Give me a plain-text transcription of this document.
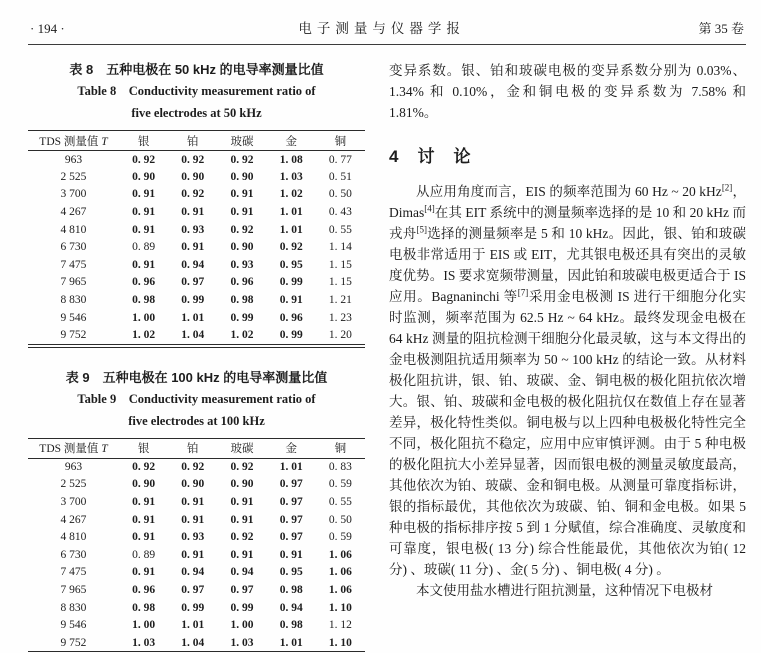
· 194 ·	电子测量与仪器学报	第 35 卷
表 8　五种电极在 50 kHz 的电导率测量比值
Table 8　Conductivity measurement ratio of
five electrodes at 50 kHz
TDS 测量值 T	银	铂	玻碳	金	铜
963	0. 92	0. 92	0. 92	1. 08	0. 77
2 525	0. 90	0. 90	0. 90	1. 03	0. 51
3 700	0. 91	0. 92	0. 91	1. 02	0. 50
4 267	0. 91	0. 91	0. 91	1. 01	0. 43
4 810	0. 91	0. 93	0. 92	1. 01	0. 55
6 730	0. 89	0. 91	0. 90	0. 92	1. 14
7 475	0. 91	0. 94	0. 93	0. 95	1. 15
7 965	0. 96	0. 97	0. 96	0. 99	1. 15
8 830	0. 98	0. 99	0. 98	0. 91	1. 21
9 546	1. 00	1. 01	0. 99	0. 96	1. 23
9 752	1. 02	1. 04	1. 02	0. 99	1. 20
表 9　五种电极在 100 kHz 的电导率测量比值
Table 9　Conductivity measurement ratio of
five electrodes at 100 kHz
TDS 测量值 T	银	铂	玻碳	金	铜
963	0. 92	0. 92	0. 92	1. 01	0. 83
2 525	0. 90	0. 90	0. 90	0. 97	0. 59
3 700	0. 91	0. 91	0. 91	0. 97	0. 55
4 267	0. 91	0. 91	0. 91	0. 97	0. 50
4 810	0. 91	0. 93	0. 92	0. 97	0. 59
6 730	0. 89	0. 91	0. 91	0. 91	1. 06
7 475	0. 91	0. 94	0. 94	0. 95	1. 06
7 965	0. 96	0. 97	0. 97	0. 98	1. 06
8 830	0. 98	0. 99	0. 99	0. 94	1. 10
9 546	1. 00	1. 01	1. 00	0. 98	1. 12
9 752	1. 03	1. 04	1. 03	1. 01	1. 10

变异系数。银、铂和玻碳电极的变异系数分别为 0.03%、1.34% 和 0.10%，金和铜电极的变异系数为 7.58% 和 1.81%。

4　讨　论

从应用角度而言，EIS 的频率范围为 60 Hz ~ 20 kHz[2]，Dimas[4]在其 EIT 系统中的测量频率选择的是 10 和 20 kHz 而戎舟[5]选择的测量频率是 5 和 10 kHz。因此，银、铂和玻碳电极非常适用于 EIS 或 EIT，尤其银电极还具有突出的灵敏度优势。IS 要求宽频带测量，因此铂和玻碳电极更适合于 IS 应用。Bagnaninchi 等[7]采用金电极测 IS 进行干细胞分化实时监测，频率范围为 62.5 Hz ~ 64 kHz。最终发现金电极在 64 kHz 测量的阻抗检测干细胞分化最灵敏，这与本文得出的金电极测阻抗适用频率为 50 ~ 100 kHz 的结论一致。从材料极化阻抗讲，银、铂、玻碳、金、铜电极的极化阻抗依次增大。银、铂、玻碳和金电极的极化阻抗仅在数值上存在显著差异，极化特性类似。铜电极与以上四种电极极化特性完全不同，极化阻抗不稳定，应用中应审慎评测。由于 5 种电极的极化阻抗大小差异显著，因而银电极的测量灵敏度最高，其他依次为铂、玻碳、金和铜电极。从测量可靠度指标讲，银的指标最优，其他依次为玻碳、铂、铜和金电极。如果 5 种电极的指标排序按 5 到 1 分赋值，综合准确度、灵敏度和可靠度，银电极( 13 分) 综合性能最优，其他依次为铂( 12 分) 、玻碳( 11 分) 、金( 5 分) 、铜电极( 4 分) 。

本文使用盐水槽进行阻抗测量，这种情况下电极材
